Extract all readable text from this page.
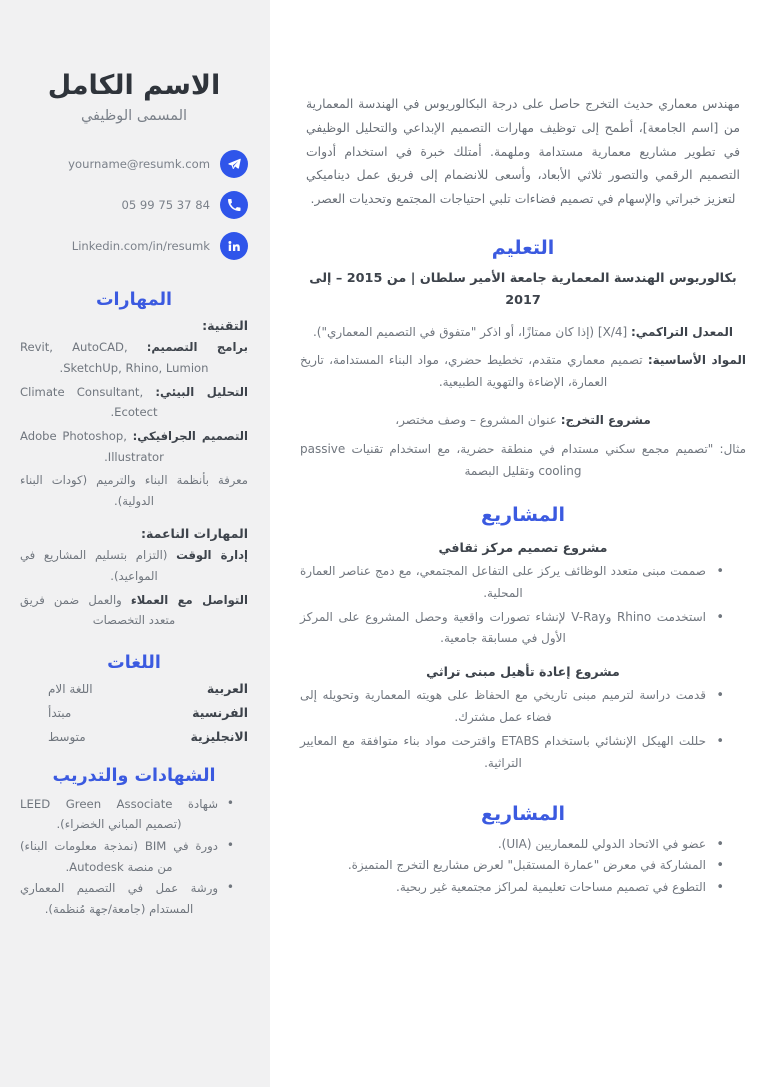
مهندس معماري حديث التخرج حاصل على درجة البكالوريوس في الهندسة المعمارية من [اسم الجامعة]، أطمح إلى توظيف مهارات التصميم الإبداعي والتحليل الوظيفي في تطوير مشاريع معمارية مستدامة وملهمة. أمتلك خبرة في استخدام أدوات التصميم الرقمي والتصور ثلاثي الأبعاد، وأسعى للانضمام إلى فريق عمل ديناميكي لتعزيز خبراتي والإسهام في تصميم فضاءات تلبي احتياجات المجتمع وتحديات العصر.

التعليم
بكالوريوس الهندسة المعمارية جامعة الأمير سلطان | من 2015 – إلى 2017

المعدل التراكمي: [X/4] (إذا كان ممتازًا، أو اذكر "متفوق في التصميم المعماري").

المواد الأساسية: تصميم معماري متقدم، تخطيط حضري، مواد البناء المستدامة، تاريخ العمارة، الإضاءة والتهوية الطبيعية.

مشروع التخرج: عنوان المشروع – وصف مختصر،

مثال: "تصميم مجمع سكني مستدام في منطقة حضرية، مع استخدام تقنيات passive cooling وتقليل البصمة

المشاريع
مشروع تصميم مركز ثقافي
• صممت مبنى متعدد الوظائف يركز على التفاعل المجتمعي، مع دمج عناصر العمارة المحلية.
• استخدمت Rhino وV-Ray لإنشاء تصورات واقعية وحصل المشروع على المركز الأول في مسابقة جامعية.
مشروع إعادة تأهيل مبنى تراثي
• قدمت دراسة لترميم مبنى تاريخي مع الحفاظ على هويته المعمارية وتحويله إلى فضاء عمل مشترك.
• حللت الهيكل الإنشائي باستخدام ETABS واقترحت مواد بناء متوافقة مع المعايير التراثية.
المشاريع
• عضو في الاتحاد الدولي للمعماريين (UIA).
• المشاركة في معرض "عمارة المستقبل" لعرض مشاريع التخرج المتميزة.
• التطوع في تصميم مساحات تعليمية لمراكز مجتمعية غير ربحية.
الاسم الكامل
المسمى الوظيفي
yourname@resumk.com
05 99 75 37 84
Linkedin.com/in/resumk
المهارات
التقنية:

برامج التصميم: Revit, AutoCAD, SketchUp, Rhino, Lumion.

التحليل البيئي: Climate Consultant, Ecotect.

التصميم الجرافيكي: Adobe Photoshop, Illustrator.

معرفة بأنظمة البناء والترميم (كودات البناء الدولية).

المهارات الناعمة:

إدارة الوقت (التزام بتسليم المشاريع في المواعيد).

التواصل مع العملاء والعمل ضمن فريق متعدد التخصصات

اللغات
العربية
اللغة الام
الفرنسية
مبتدأ
الانجليزية
متوسط
الشهادات والتدريب
• شهادة LEED Green Associate (تصميم المباني الخضراء).
• دورة في BIM (نمذجة معلومات البناء) من منصة Autodesk.
• ورشة عمل في التصميم المعماري المستدام (جامعة/جهة مُنظمة).
